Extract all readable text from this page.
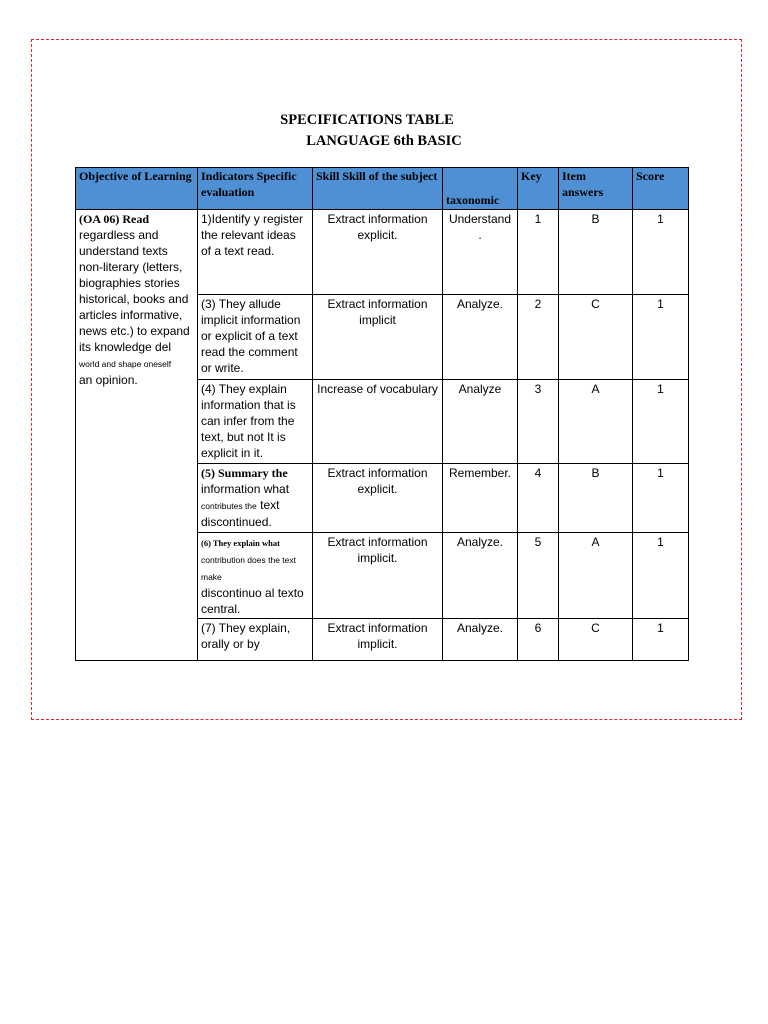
SPECIFICATIONS TABLE
LANGUAGE 6th BASIC
Objective of Learning	Indicators Specific evaluation	Skill Skill of the subject	taxonomic	Key	Item answers	Score
(OA 06) Read
regardless and understand texts non-literary (letters, biographies stories historical, books and articles informative, news etc.) to expand its knowledge del
world and shape oneself
an opinion.	1)Identify y register the relevant ideas of a text read.	Extract information explicit.	Understand .	1	B	1
	(3) They allude implicit information or explicit of a text read the comment or write.	Extract information implicit	Analyze.	2	C	1
	(4) They explain information that is can infer from the text, but not It is explicit in it.	Increase of vocabulary	Analyze	3	A	1
	(5) Summary the information what contributes the text discontinued.	Extract information explicit.	Remember.	4	B	1
	(6) They explain what
contribution does the text make
discontinuo al texto central.	Extract information implicit.	Analyze.	5	A	1
	(7) They explain, orally or by	Extract information implicit.	Analyze.	6	C	1
